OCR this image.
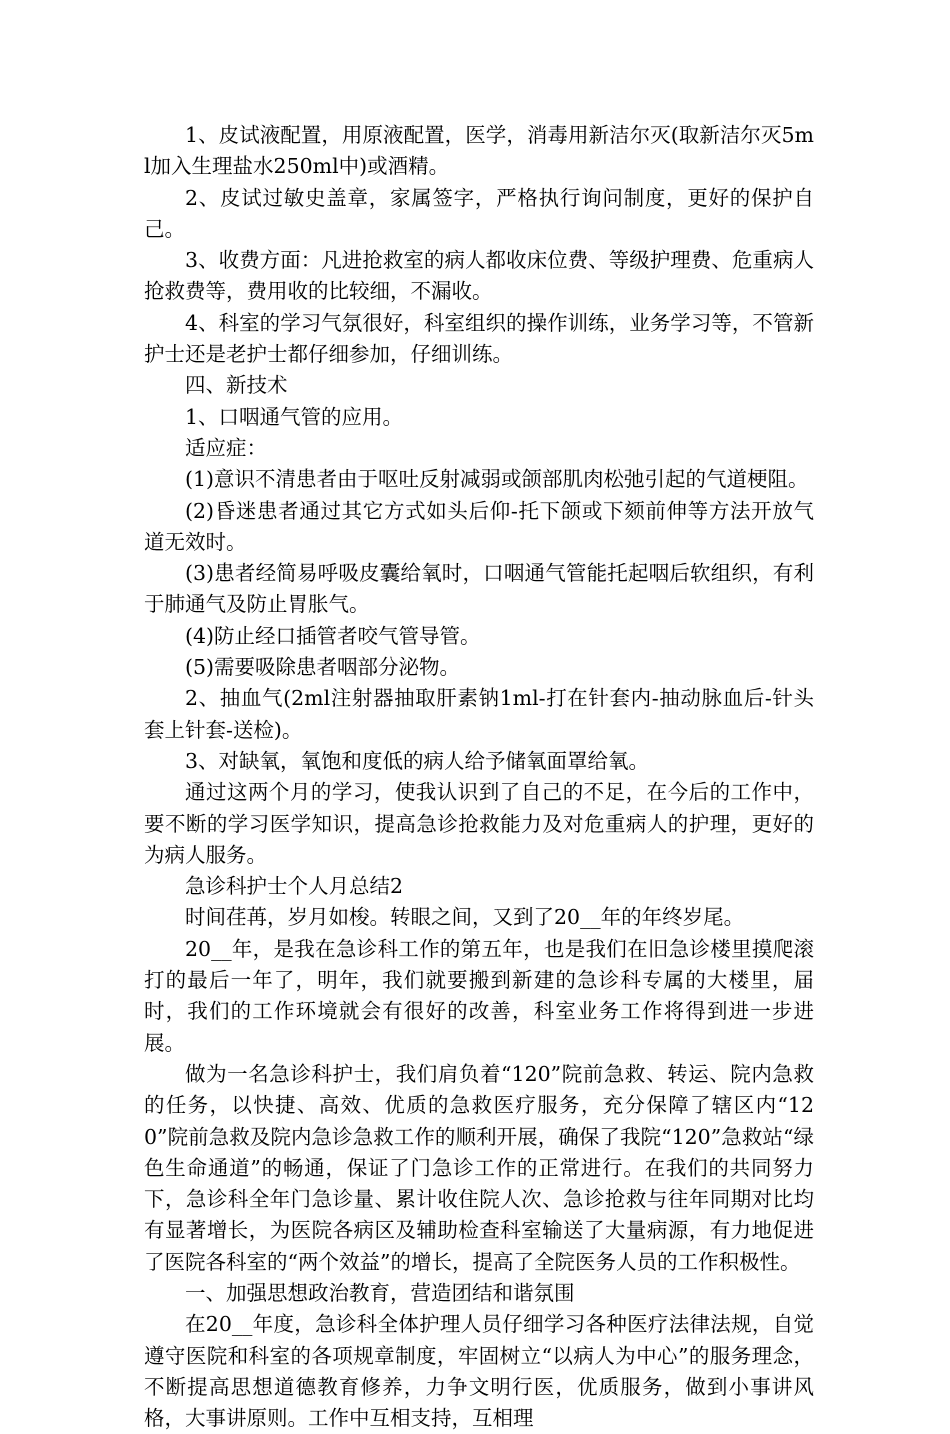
1、皮试液配置，用原液配置，医学，消毒用新洁尔灭(取新洁尔灭5ml加入生理盐水250ml中)或酒精。

2、皮试过敏史盖章，家属签字，严格执行询问制度，更好的保护自己。

3、收费方面：凡进抢救室的病人都收床位费、等级护理费、危重病人抢救费等，费用收的比较细，不漏收。

4、科室的学习气氛很好，科室组织的操作训练，业务学习等，不管新护士还是老护士都仔细参加，仔细训练。

四、新技术

1、口咽通气管的应用。

适应症：

(1)意识不清患者由于呕吐反射减弱或颌部肌肉松弛引起的气道梗阻。

(2)昏迷患者通过其它方式如头后仰-托下颌或下颏前伸等方法开放气道无效时。

(3)患者经简易呼吸皮囊给氧时，口咽通气管能托起咽后软组织，有利于肺通气及防止胃胀气。

(4)防止经口插管者咬气管导管。

(5)需要吸除患者咽部分泌物。

2、抽血气(2ml注射器抽取肝素钠1ml-打在针套内-抽动脉血后-针头套上针套-送检)。

3、对缺氧，氧饱和度低的病人给予储氧面罩给氧。

通过这两个月的学习，使我认识到了自己的不足，在今后的工作中，要不断的学习医学知识，提高急诊抢救能力及对危重病人的护理，更好的为病人服务。

急诊科护士个人月总结2

时间荏苒，岁月如梭。转眼之间，又到了20__年的年终岁尾。

20__年，是我在急诊科工作的第五年，也是我们在旧急诊楼里摸爬滚打的最后一年了，明年，我们就要搬到新建的急诊科专属的大楼里，届时，我们的工作环境就会有很好的改善，科室业务工作将得到进一步进展。

做为一名急诊科护士，我们肩负着“120”院前急救、转运、院内急救的任务，以快捷、高效、优质的急救医疗服务，充分保障了辖区内“120”院前急救及院内急诊急救工作的顺利开展，确保了我院“120”急救站“绿色生命通道”的畅通，保证了门急诊工作的正常进行。在我们的共同努力下，急诊科全年门急诊量、累计收住院人次、急诊抢救与往年同期对比均有显著增长，为医院各病区及辅助检查科室输送了大量病源，有力地促进了医院各科室的“两个效益”的增长，提高了全院医务人员的工作积极性。

一、加强思想政治教育，营造团结和谐氛围

在20__年度，急诊科全体护理人员仔细学习各种医疗法律法规，自觉遵守医院和科室的各项规章制度，牢固树立“以病人为中心”的服务理念，不断提高思想道德教育修养，力争文明行医，优质服务，做到小事讲风格，大事讲原则。工作中互相支持，互相理
